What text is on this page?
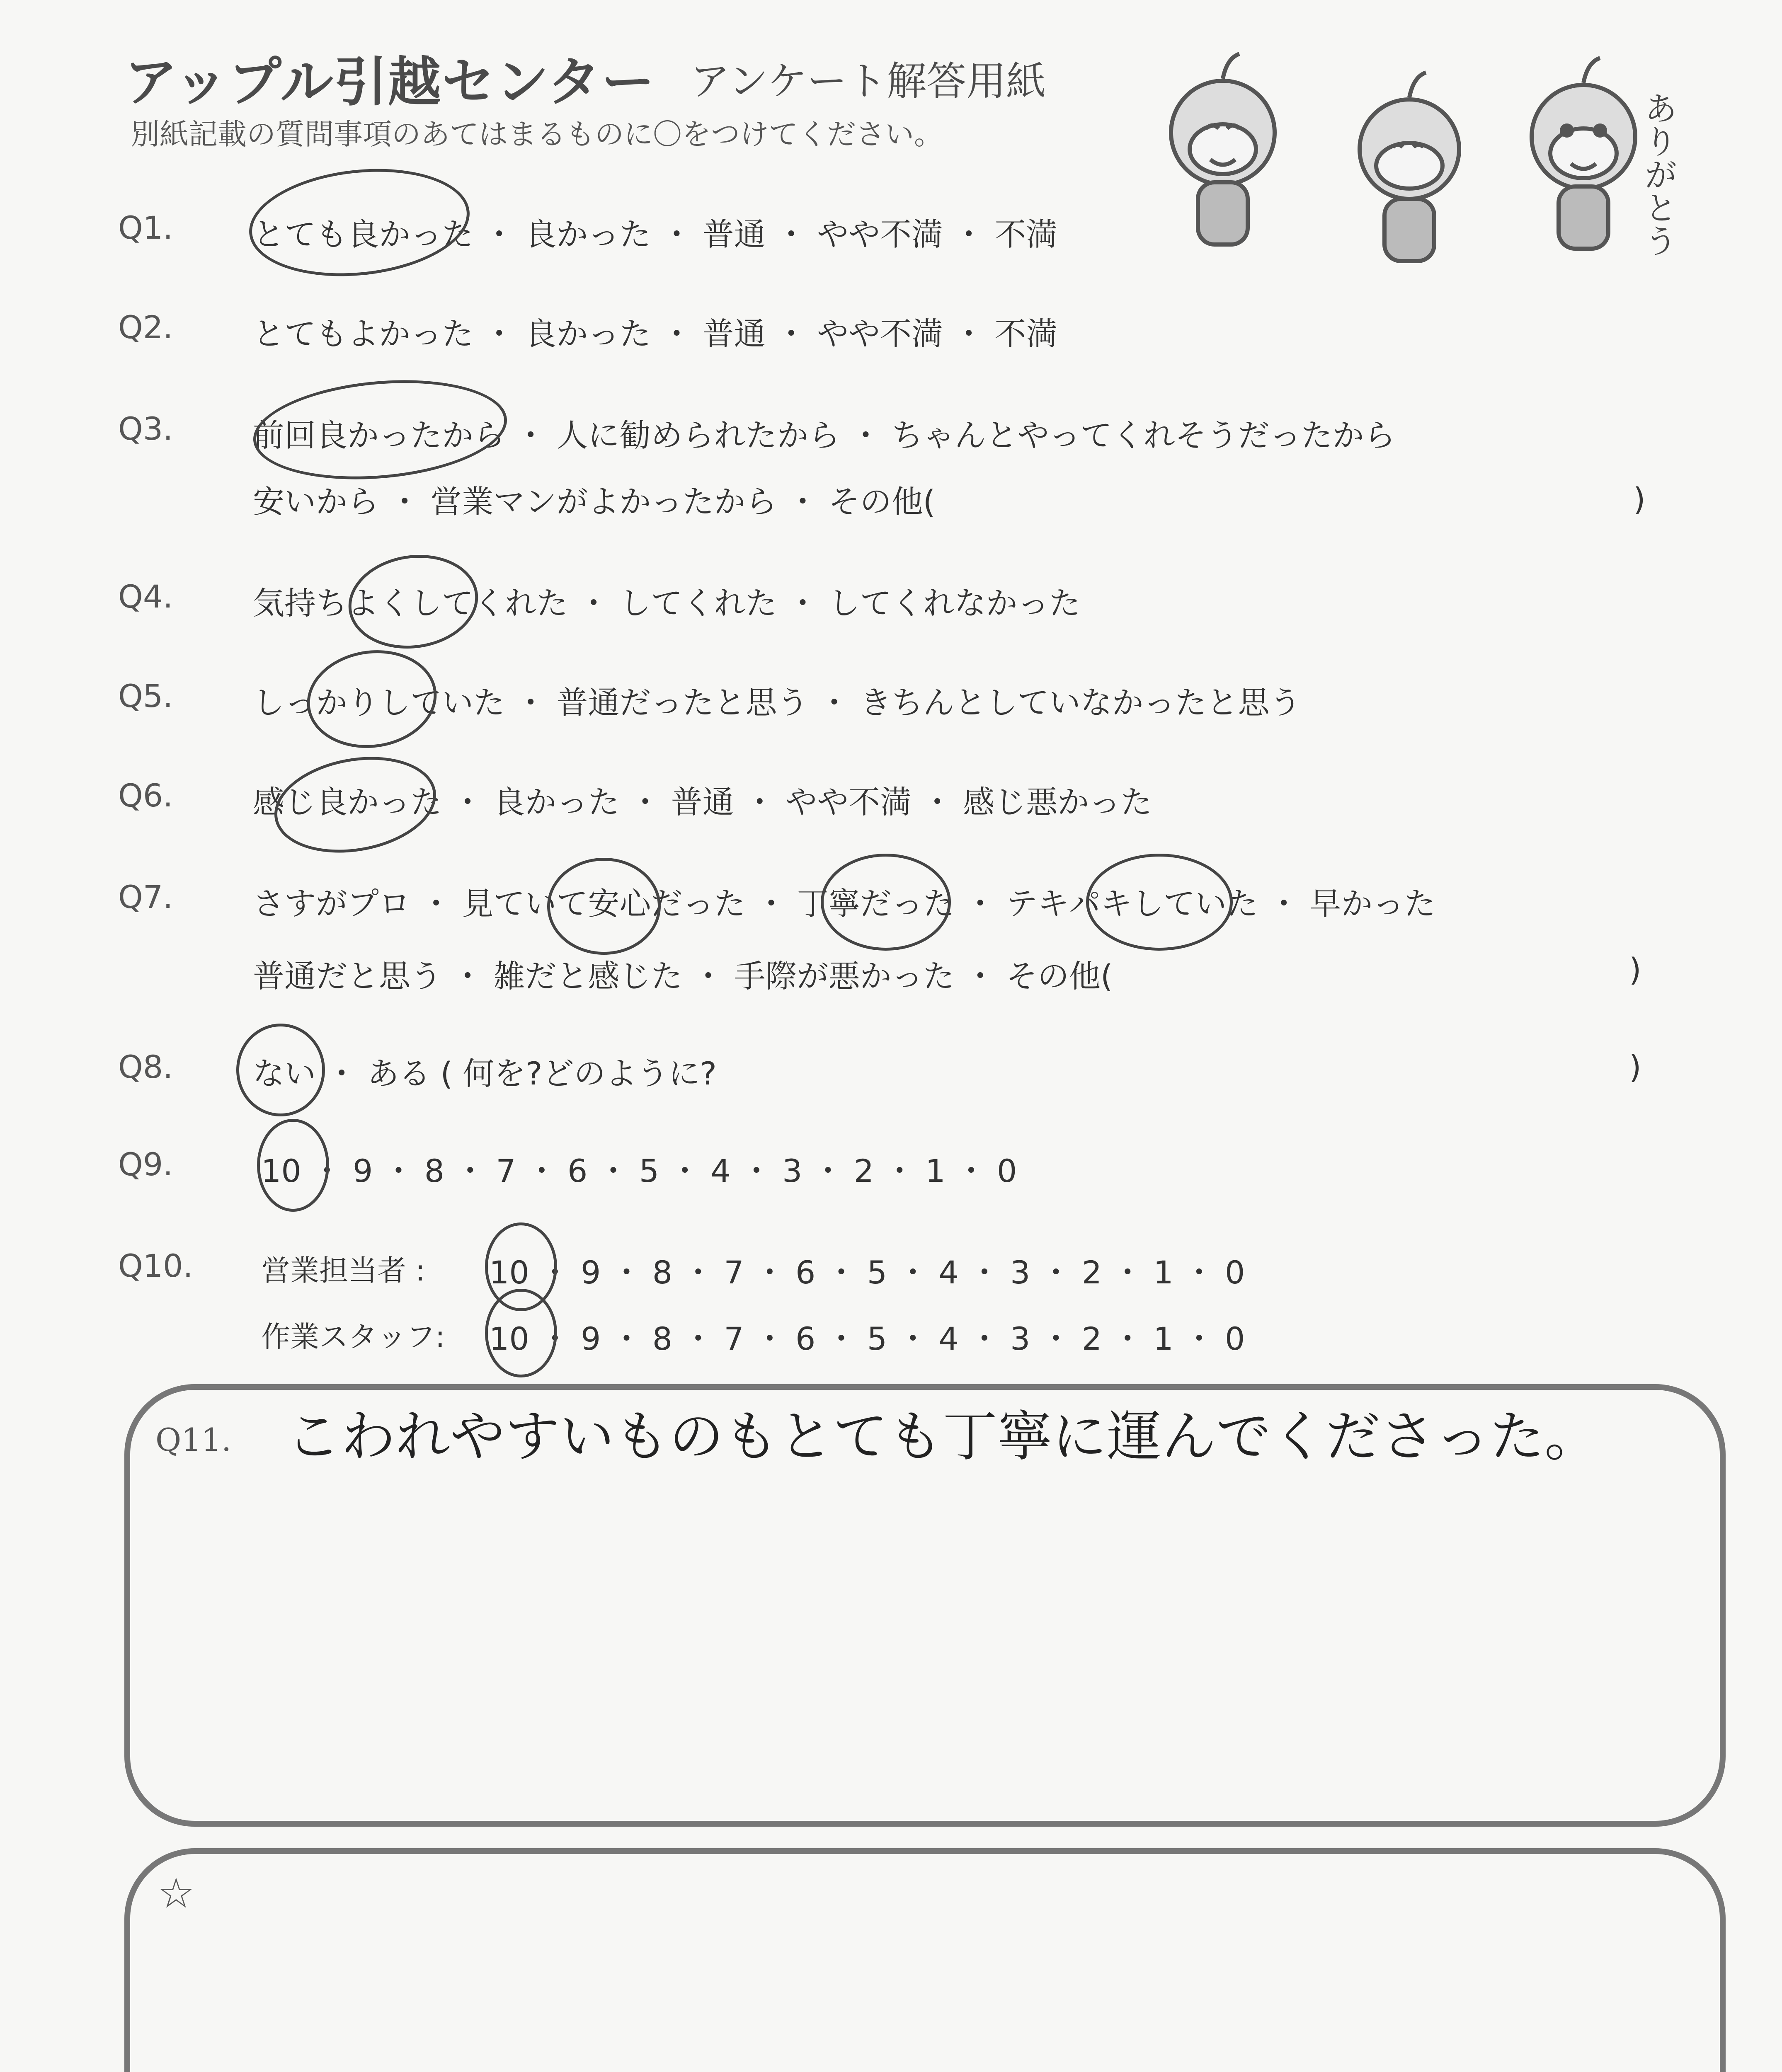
アップル引越センター アンケート解答用紙
別紙記載の質問事項のあてはまるものに〇をつけてください。	ありがとう
Q1.	とても良かった ・ 良かった ・ 普通 ・ やや不満 ・ 不満
Q2.	とてもよかった ・ 良かった ・ 普通 ・ やや不満 ・ 不満
Q3.	前回良かったから ・ 人に勧められたから ・ ちゃんとやってくれそうだったから
安いから ・ 営業マンがよかったから ・ その他(	)
Q4.	気持ちよくしてくれた ・ してくれた ・ してくれなかった
Q5.	しっかりしていた ・ 普通だったと思う ・ きちんとしていなかったと思う
Q6.	感じ良かった ・ 良かった ・ 普通 ・ やや不満 ・ 感じ悪かった
Q7.	さすがプロ ・ 見ていて安心だった ・ 丁寧だった ・ テキパキしていた ・ 早かった
普通だと思う ・ 雑だと感じた ・ 手際が悪かった ・ その他(	)
Q8.	ない ・ ある ( 何を?どのように?	)
Q9.	10 ・ 9 ・ 8 ・ 7 ・ 6 ・ 5 ・ 4 ・ 3 ・ 2 ・ 1 ・ 0
Q10. 営業担当者 : 10 ・ 9 ・ 8 ・ 7 ・ 6 ・ 5 ・ 4 ・ 3 ・ 2 ・ 1 ・ 0
作業スタッフ: 10 ・ 9 ・ 8 ・ 7 ・ 6 ・ 5 ・ 4 ・ 3 ・ 2 ・ 1 ・ 0
Q11. こわれやすいものもとても丁寧に運んでくださった。
☆
